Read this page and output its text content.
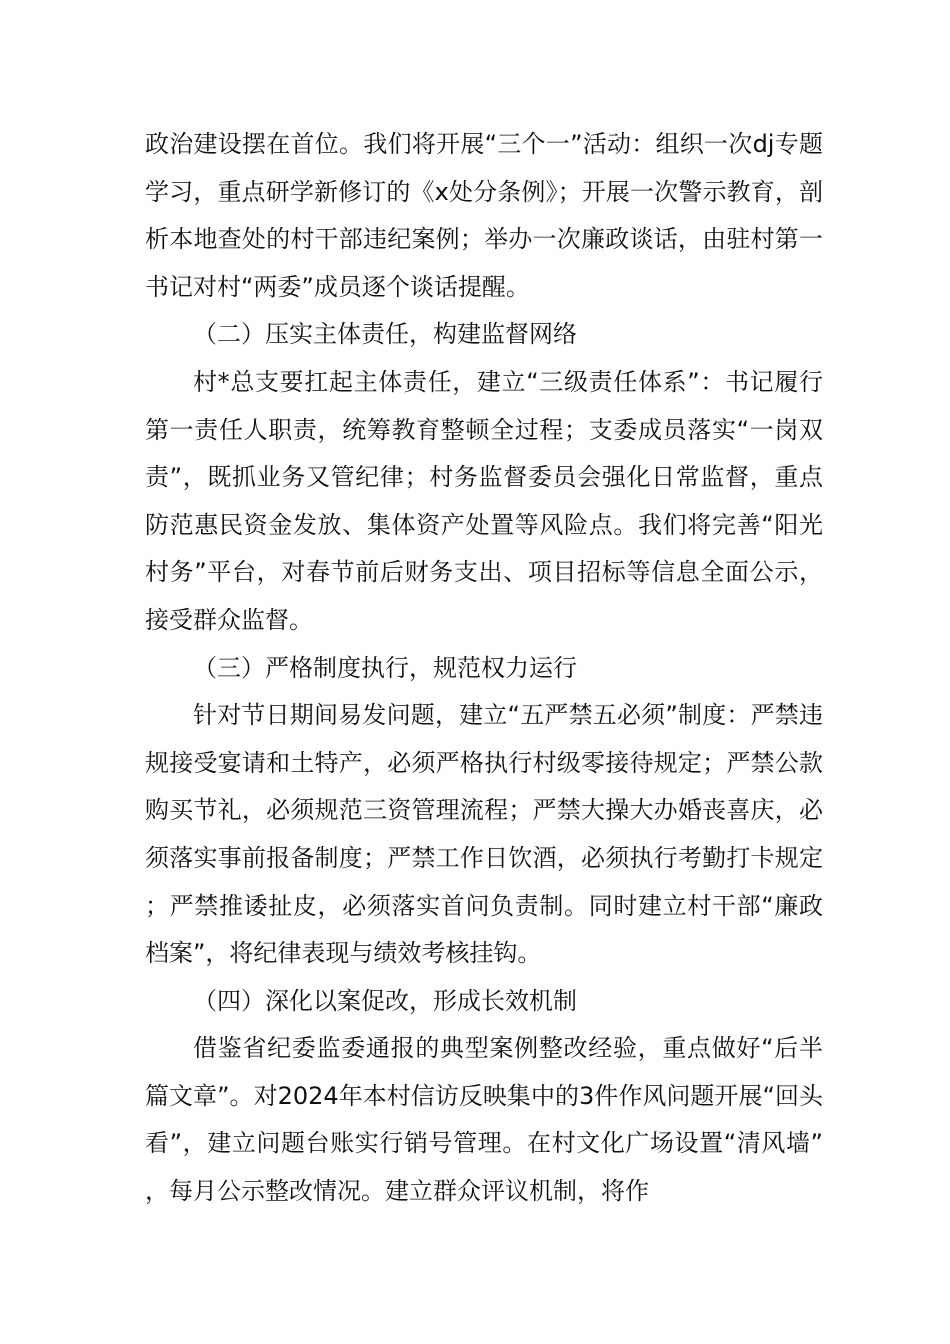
政治建设摆在首位。我们将开展“三个一”活动：组织一次dj专题学习，重点研学新修订的《x处分条例》；开展一次警示教育，剖析本地查处的村干部违纪案例；举办一次廉政谈话，由驻村第一书记对村“两委”成员逐个谈话提醒。

（二）压实主体责任，构建监督网络

村*总支要扛起主体责任，建立“三级责任体系”：书记履行第一责任人职责，统筹教育整顿全过程；支委成员落实“一岗双责”，既抓业务又管纪律；村务监督委员会强化日常监督，重点防范惠民资金发放、集体资产处置等风险点。我们将完善“阳光村务”平台，对春节前后财务支出、项目招标等信息全面公示，接受群众监督。

（三）严格制度执行，规范权力运行

针对节日期间易发问题，建立“五严禁五必须”制度：严禁违规接受宴请和土特产，必须严格执行村级零接待规定；严禁公款购买节礼，必须规范三资管理流程；严禁大操大办婚丧喜庆，必须落实事前报备制度；严禁工作日饮酒，必须执行考勤打卡规定；严禁推诿扯皮，必须落实首问负责制。同时建立村干部“廉政档案”，将纪律表现与绩效考核挂钩。

（四）深化以案促改，形成长效机制

借鉴省纪委监委通报的典型案例整改经验，重点做好“后半篇文章”。对2024年本村信访反映集中的3件作风问题开展“回头看”，建立问题台账实行销号管理。在村文化广场设置“清风墙”，每月公示整改情况。建立群众评议机制，将作
